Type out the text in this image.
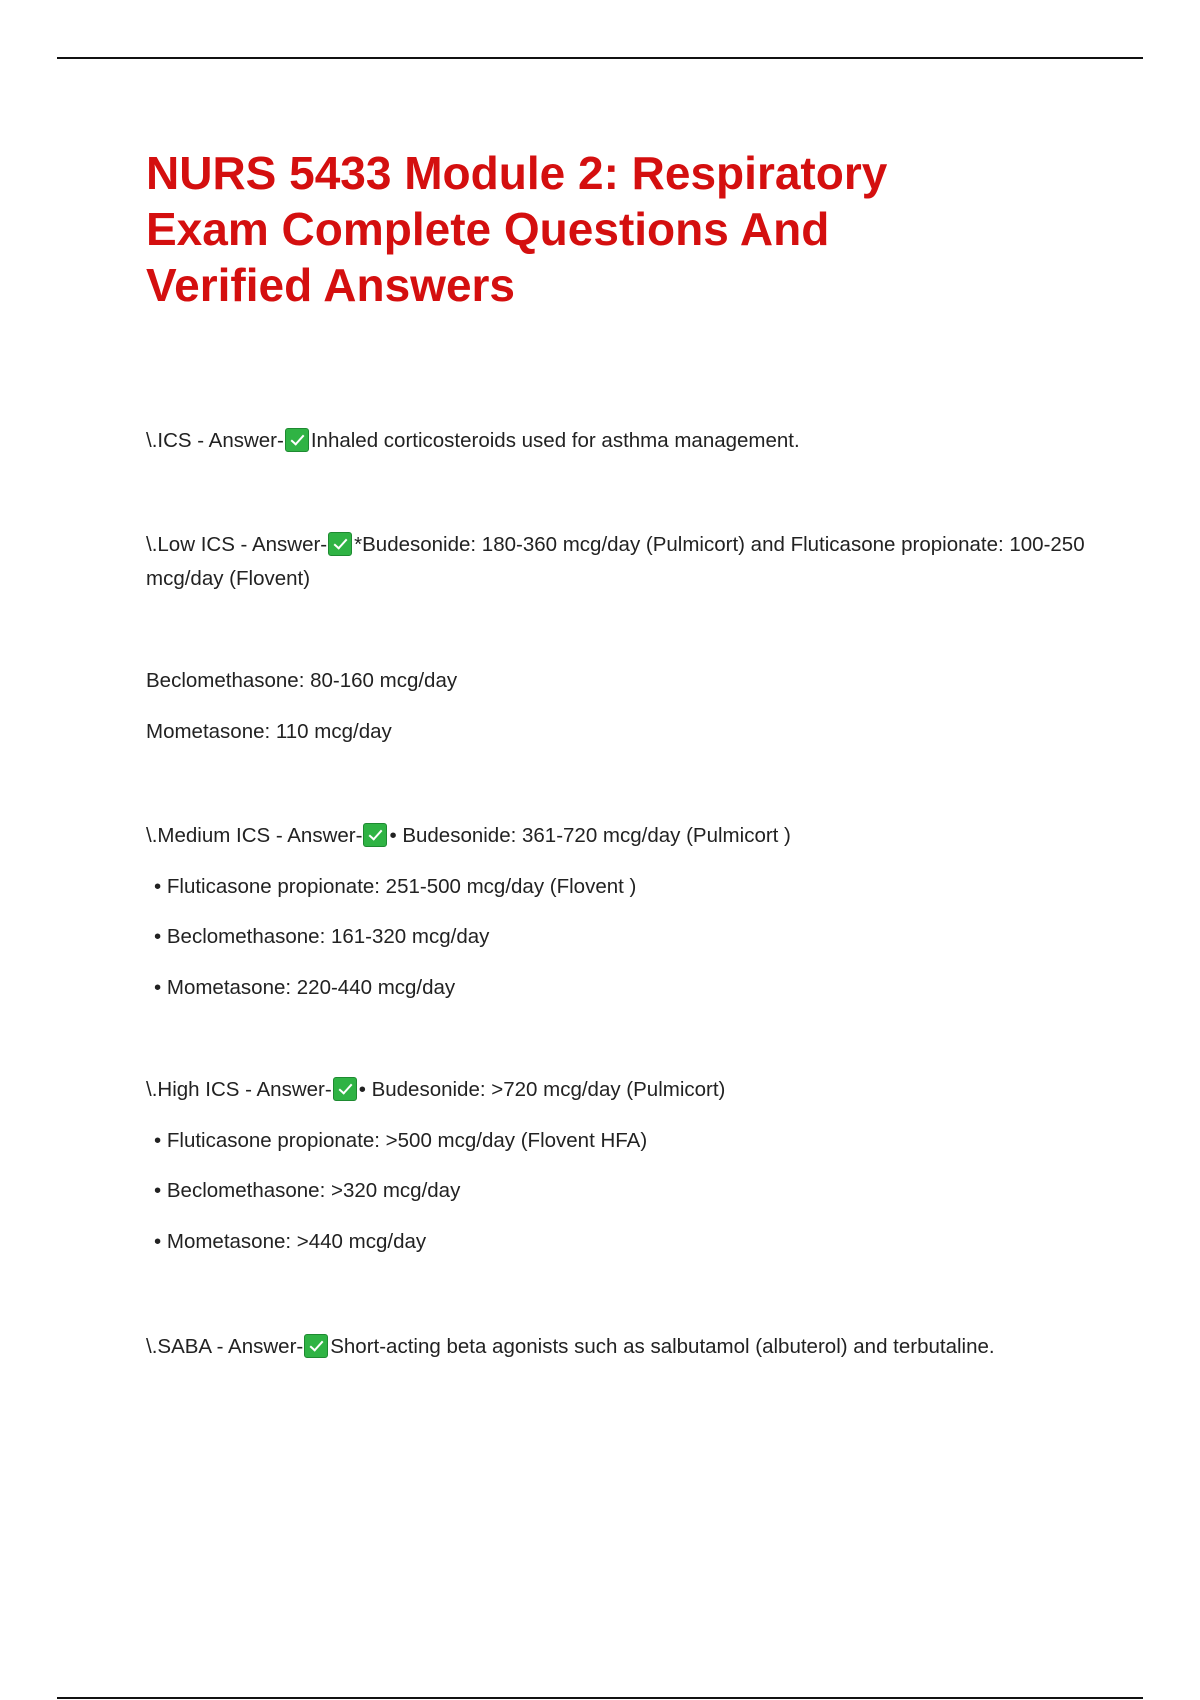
NURS 5433 Module 2: Respiratory
Exam Complete Questions And
Verified Answers
\.ICS - Answer- Inhaled corticosteroids used for asthma management.
\.Low ICS - Answer- *Budesonide: 180-360 mcg/day (Pulmicort) and Fluticasone propionate: 100-250 mcg/day (Flovent)
Beclomethasone: 80-160 mcg/day
Mometasone: 110 mcg/day
\.Medium ICS - Answer- • Budesonide: 361-720 mcg/day (Pulmicort )
• Fluticasone propionate: 251-500 mcg/day (Flovent )
• Beclomethasone: 161-320 mcg/day
• Mometasone: 220-440 mcg/day
\.High ICS - Answer- • Budesonide: >720 mcg/day (Pulmicort)
• Fluticasone propionate: >500 mcg/day (Flovent HFA)
• Beclomethasone: >320 mcg/day
• Mometasone: >440 mcg/day
\.SABA - Answer- Short-acting beta agonists such as salbutamol (albuterol) and terbutaline.
